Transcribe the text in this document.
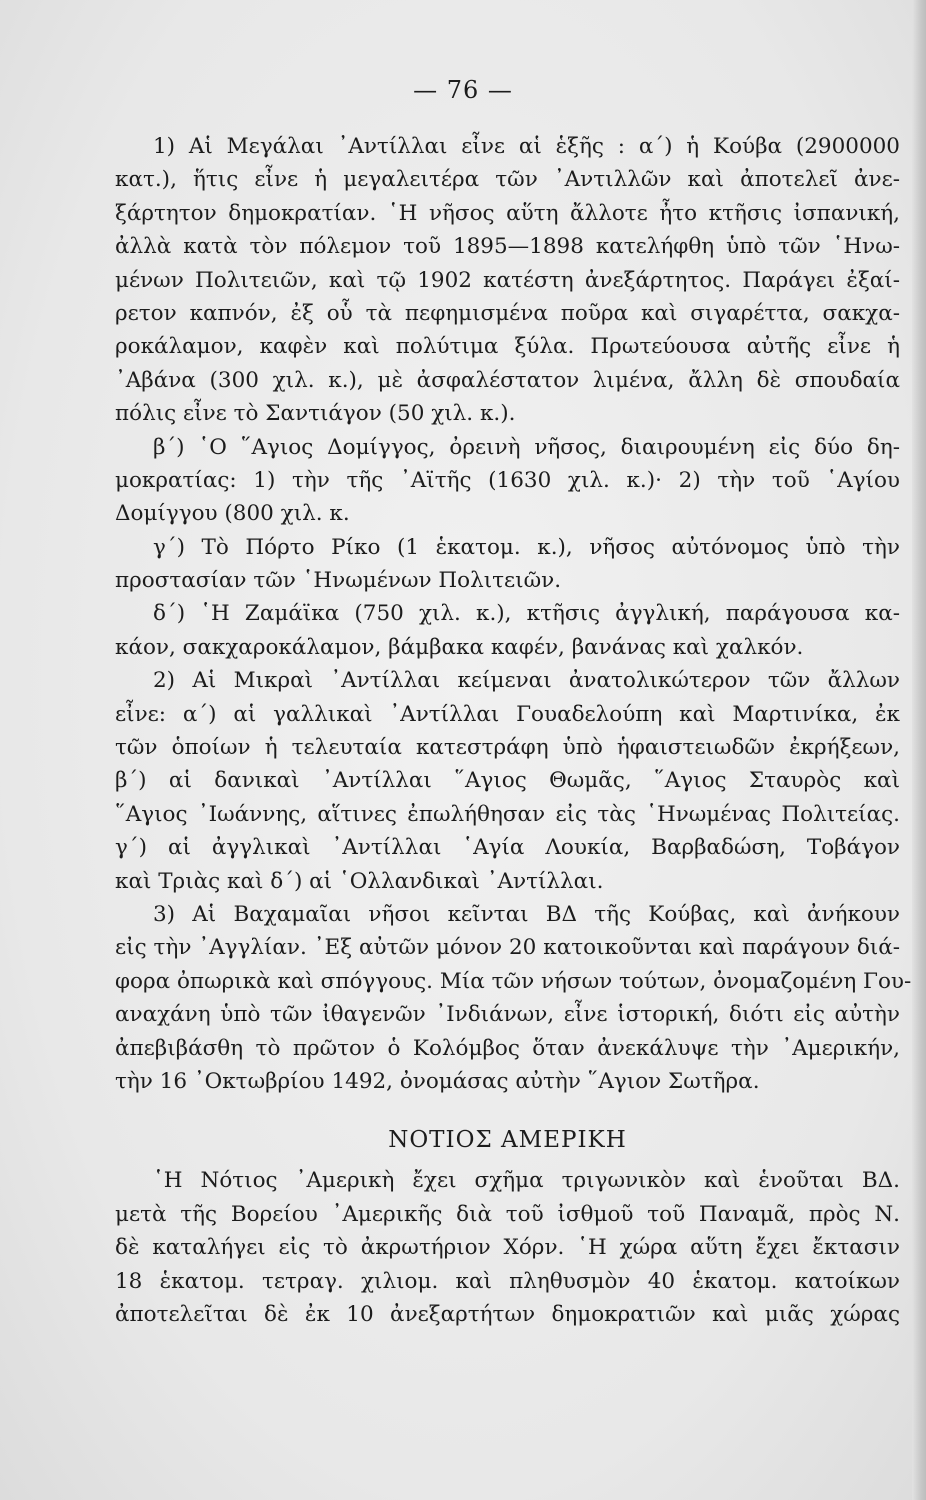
— 76 —
1) Αἱ Μεγάλαι ᾿Αντίλλαι εἶνε αἱ ἑξῆς : α΄) ἡ Κούβα (2900000
κατ.), ἥτις εἶνε ἡ μεγαλειτέρα τῶν ᾿Αντιλλῶν καὶ ἀποτελεῖ ἀνε-
ξάρτητον δημοκρατίαν. ῾Η νῆσος αὕτη ἄλλοτε ἦτο κτῆσις ἰσπανική,
ἀλλὰ κατὰ τὸν πόλεμον τοῦ 1895—1898 κατελήφθη ὑπὸ τῶν ῾Ηνω-
μένων Πολιτειῶν, καὶ τῷ 1902 κατέστη ἀνεξάρτητος. Παράγει ἐξαί-
ρετον καπνόν, ἐξ οὗ τὰ πεφημισμένα ποῦρα καὶ σιγαρέττα, σακχα-
ροκάλαμον, καφὲν καὶ πολύτιμα ξύλα. Πρωτεύουσα αὐτῆς εἶνε ἡ
᾿Αβάνα (300 χιλ. κ.), μὲ ἀσφαλέστατον λιμένα, ἄλλη δὲ σπουδαία
πόλις εἶνε τὸ Σαντιάγον (50 χιλ. κ.).
β΄) ῾Ο ῞Αγιος Δομίγγος, ὀρεινὴ νῆσος, διαιρουμένη εἰς δύο δη-
μοκρατίας: 1) τὴν τῆς ᾿Αϊτῆς (1630 χιλ. κ.)· 2) τὴν τοῦ ῾Αγίου
Δομίγγου (800 χιλ. κ.
γ΄) Τὸ Πόρτο Ρίκο (1 ἑκατομ. κ.), νῆσος αὐτόνομος ὑπὸ τὴν
προστασίαν τῶν ῾Ηνωμένων Πολιτειῶν.
δ΄) ῾Η Ζαμάϊκα (750 χιλ. κ.), κτῆσις ἀγγλική, παράγουσα κα-
κάον, σακχαροκάλαμον, βάμβακα καφέν, βανάνας καὶ χαλκόν.
2) Αἱ Μικραὶ ᾿Αντίλλαι κείμεναι ἀνατολικώτερον τῶν ἄλλων
εἶνε: α΄) αἱ γαλλικαὶ ᾿Αντίλλαι Γουαδελούπη καὶ Μαρτινίκα, ἐκ
τῶν ὁποίων ἡ τελευταία κατεστράφη ὑπὸ ἡφαιστειωδῶν ἐκρήξεων,
β΄) αἱ δανικαὶ ᾿Αντίλλαι ῞Αγιος Θωμᾶς, ῞Αγιος Σταυρὸς καὶ
῞Αγιος ᾿Ιωάννης, αἵτινες ἐπωλήθησαν εἰς τὰς ῾Ηνωμένας Πολιτείας.
γ΄) αἱ ἀγγλικαὶ ᾿Αντίλλαι ῾Αγία Λουκία, Βαρβαδώση, Τοβάγον
καὶ Τριὰς καὶ δ΄) αἱ ῾Ολλανδικαὶ ᾿Αντίλλαι.
3) Αἱ Βαχαμαῖαι νῆσοι κεῖνται ΒΔ τῆς Κούβας, καὶ ἀνήκουν
εἰς τὴν ᾿Αγγλίαν. ᾿Εξ αὐτῶν μόνον 20 κατοικοῦνται καὶ παράγουν διά-
φορα ὀπωρικὰ καὶ σπόγγους. Μία τῶν νήσων τούτων, ὀνομαζομένη Γου-
αναχάνη ὑπὸ τῶν ἰθαγενῶν ᾿Ινδιάνων, εἶνε ἱστορική, διότι εἰς αὐτὴν
ἀπεβιβάσθη τὸ πρῶτον ὁ Κολόμβος ὅταν ἀνεκάλυψε τὴν ᾿Αμερικήν,
τὴν 16 ᾿Οκτωβρίου 1492, ὀνομάσας αὐτὴν ῞Αγιον Σωτῆρα.
ΝΟΤΙΟΣ ΑΜΕΡΙΚΗ
῾Η Νότιος ᾿Αμερικὴ ἔχει σχῆμα τριγωνικὸν καὶ ἑνοῦται ΒΔ.
μετὰ τῆς Βορείου ᾿Αμερικῆς διὰ τοῦ ἰσθμοῦ τοῦ Παναμᾶ, πρὸς Ν.
δὲ καταλήγει εἰς τὸ ἀκρωτήριον Χόρν. ῾Η χώρα αὕτη ἔχει ἔκτασιν
18 ἑκατομ. τετραγ. χιλιομ. καὶ πληθυσμὸν 40 ἑκατομ. κατοίκων
ἀποτελεῖται δὲ ἐκ 10 ἀνεξαρτήτων δημοκρατιῶν καὶ μιᾶς χώρας
